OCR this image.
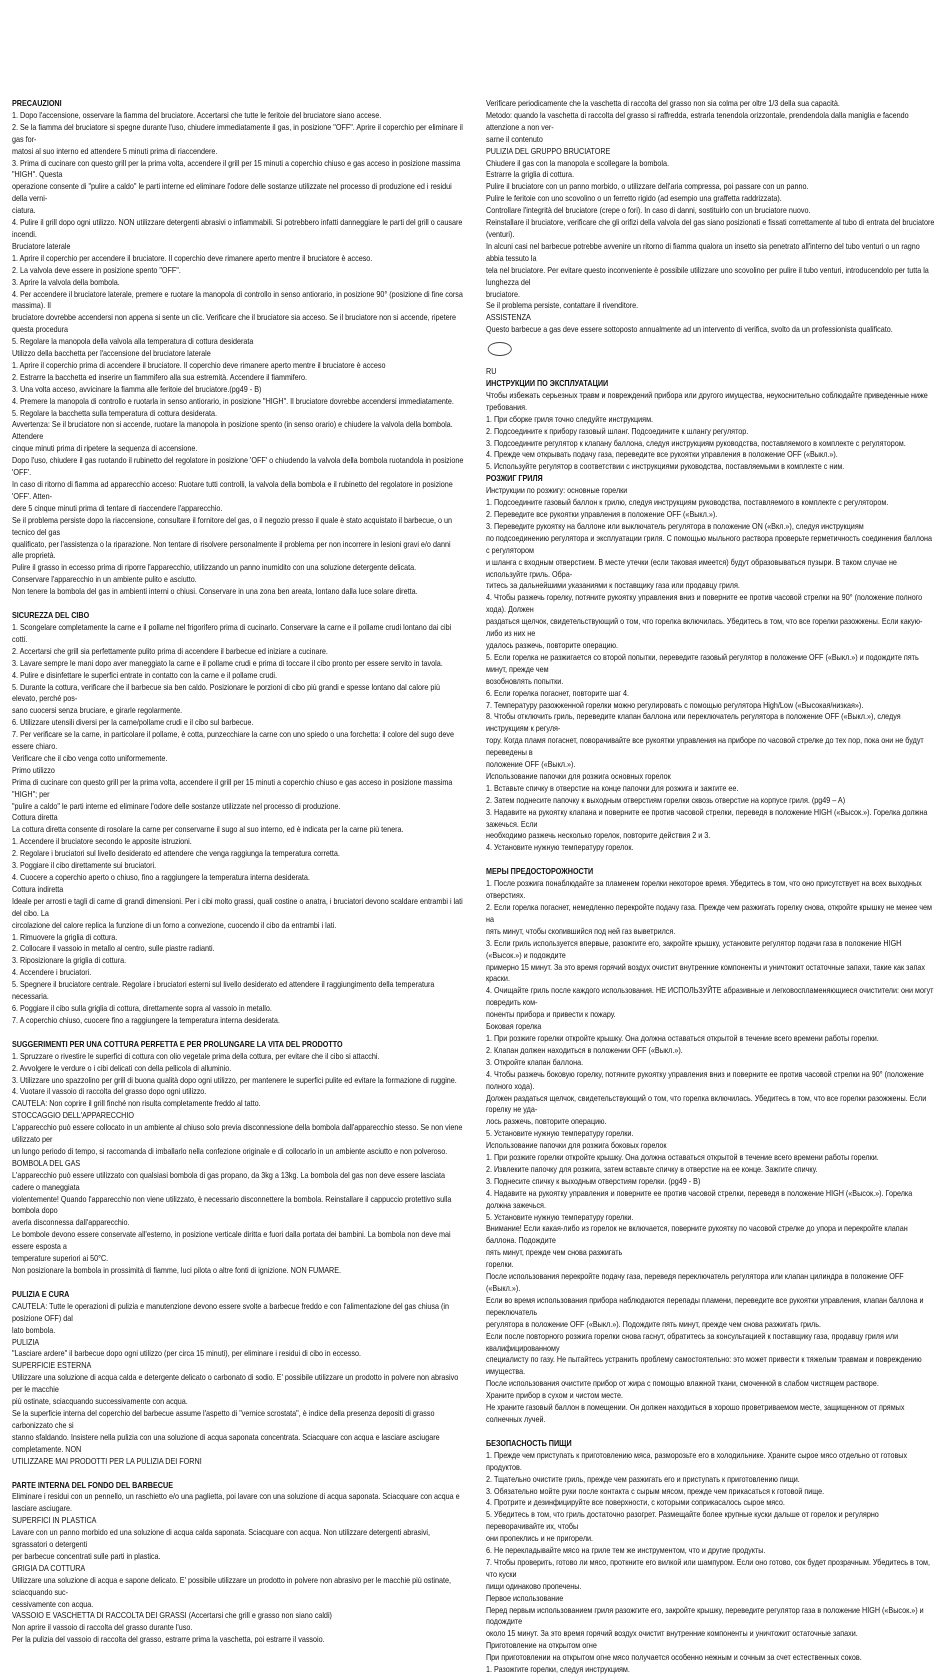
PRECAUZIONI

1. Dopo l'accensione, osservare la fiamma del bruciatore. Accertarsi che tutte le feritoie del bruciatore siano accese.

2. Se la fiamma del bruciatore si spegne durante l'uso, chiudere immediatamente il gas, in posizione "OFF". Aprire il coperchio per eliminare il gas for-

matosi al suo interno ed attendere 5 minuti prima di riaccendere.

3. Prima di cucinare con questo grill per la prima volta, accendere il grill per 15 minuti a coperchio chiuso e gas acceso in posizione massima "HIGH". Questa

operazione consente di "pulire a caldo" le parti interne ed eliminare l'odore delle sostanze utilizzate nel processo di produzione ed i residui della verni-

ciatura.

4. Pulire il grill dopo ogni utilizzo. NON utilizzare detergenti abrasivi o infiammabili. Si potrebbero infatti danneggiare le parti del grill o causare incendi.

Bruciatore laterale

1. Aprire il coperchio per accendere il bruciatore. Il coperchio deve rimanere aperto mentre il bruciatore è acceso.

2. La valvola deve essere in posizione spento "OFF".

3. Aprire la valvola della bombola.

4. Per accendere il bruciatore laterale, premere e ruotare la manopola di controllo in senso antiorario, in posizione 90° (posizione di fine corsa massima). Il

bruciatore dovrebbe accendersi non appena si sente un clic. Verificare che il bruciatore sia acceso. Se il bruciatore non si accende, ripetere questa procedura

5. Regolare la manopola della valvola alla temperatura di cottura desiderata

Utilizzo della bacchetta per l'accensione del bruciatore laterale

1. Aprire il coperchio prima di accendere il bruciatore. Il coperchio deve rimanere aperto mentre il bruciatore è acceso

2. Estrarre la bacchetta ed inserire un fiammifero alla sua estremità. Accendere il fiammifero.

3. Una volta acceso, avvicinare la fiamma alle feritoie del bruciatore.(pg49 - B)

4. Premere la manopola di controllo e ruotarla in senso antiorario, in posizione "HIGH". Il bruciatore dovrebbe accendersi immediatamente.

5. Regolare la bacchetta sulla temperatura di cottura desiderata.

Avvertenza: Se il bruciatore non si accende, ruotare la manopola in posizione spento (in senso orario) e chiudere la valvola della bombola. Attendere

cinque minuti prima di ripetere la sequenza di accensione.

Dopo l'uso, chiudere il gas ruotando il rubinetto del regolatore in posizione 'OFF' o chiudendo la valvola della bombola ruotandola in posizione 'OFF'.

In caso di ritorno di fiamma ad apparecchio acceso: Ruotare tutti controlli, la valvola della bombola e il rubinetto del regolatore in posizione 'OFF'. Atten-

dere 5 cinque minuti prima di tentare di riaccendere l'apparecchio.

Se il problema persiste dopo la riaccensione, consultare il fornitore del gas, o il negozio presso il quale è stato acquistato il barbecue, o un tecnico del gas

qualificato, per l'assistenza o la riparazione. Non tentare di risolvere personalmente il problema per non incorrere in lesioni gravi e/o danni alle proprietà.

Pulire il grasso in eccesso prima di riporre l'apparecchio, utilizzando un panno inumidito con una soluzione detergente delicata.

Conservare l'apparecchio in un ambiente pulito e asciutto.

Non tenere la bombola del gas in ambienti interni o chiusi. Conservare in una zona ben areata, lontano dalla luce solare diretta.

SICUREZZA DEL CIBO

1. Scongelare completamente la carne e il pollame nel frigorifero prima di cucinarlo. Conservare la carne e il pollame crudi lontano dai cibi cotti.

2. Accertarsi che grill sia perfettamente pulito prima di accendere il barbecue ed iniziare a cucinare.

3. Lavare sempre le mani dopo aver maneggiato la carne e il pollame crudi e prima di toccare il cibo pronto per essere servito in tavola.

4. Pulire e disinfettare le superfici entrate in contatto con la carne e il pollame crudi.

5. Durante la cottura, verificare che il barbecue sia ben caldo. Posizionare le porzioni di cibo più grandi e spesse lontano dal calore più elevato, perché pos-

sano cuocersi senza bruciare, e girarle regolarmente.

6. Utilizzare utensili diversi per la carne/pollame crudi e il cibo sul barbecue.

7. Per verificare se la carne, in particolare il pollame, è cotta, punzecchiare la carne con uno spiedo o una forchetta: il colore del sugo deve essere chiaro.

Verificare che il cibo venga cotto uniformemente.

Primo utilizzo

Prima di cucinare con questo grill per la prima volta, accendere il grill per 15 minuti a coperchio chiuso e gas acceso in posizione massima "HIGH"; per

"pulire a caldo" le parti interne ed eliminare l'odore delle sostanze utilizzate nel processo di produzione.

Cottura diretta

La cottura diretta consente di rosolare la carne per conservarne il sugo al suo interno, ed è indicata per la carne più tenera.

1. Accendere il bruciatore secondo le apposite istruzioni.

2. Regolare i bruciatori sul livello desiderato ed attendere che venga raggiunga la temperatura corretta.

3. Poggiare il cibo direttamente sui bruciatori.

4. Cuocere a coperchio aperto o chiuso, fino a raggiungere la temperatura interna desiderata.

Cottura indiretta

Ideale per arrosti e tagli di carne di grandi dimensioni. Per i cibi molto grassi, quali costine o anatra, i bruciatori devono scaldare entrambi i lati del cibo. La

circolazione del calore replica la funzione di un forno a convezione, cuocendo il cibo da entrambi i lati.

1. Rimuovere la griglia di cottura.

2. Collocare il vassoio in metallo al centro, sulle piastre radianti.

3. Riposizionare la griglia di cottura.

4. Accendere i bruciatori.

5. Spegnere il bruciatore centrale. Regolare i bruciatori esterni sul livello desiderato ed attendere il raggiungimento della temperatura necessaria.

6. Poggiare il cibo sulla griglia di cottura, direttamente sopra al vassoio in metallo.

7. A coperchio chiuso, cuocere fino a raggiungere la temperatura interna desiderata.

SUGGERIMENTI PER UNA COTTURA PERFETTA E PER PROLUNGARE LA VITA DEL PRODOTTO

1. Spruzzare o rivestire le superfici di cottura con olio vegetale prima della cottura, per evitare che il cibo si attacchi.

2. Avvolgere le verdure o i cibi delicati con della pellicola di alluminio.

3. Utilizzare uno spazzolino per grill di buona qualità dopo ogni utilizzo, per mantenere le superfici pulite ed evitare la formazione di ruggine.

4. Vuotare il vassoio di raccolta del grasso dopo ogni utilizzo.

CAUTELA: Non coprire il grill finché non risulta completamente freddo al tatto.

STOCCAGGIO DELL'APPARECCHIO

L'apparecchio può essere collocato in un ambiente al chiuso solo previa disconnessione della bombola dall'apparecchio stesso. Se non viene utilizzato per

un lungo periodo di tempo, si raccomanda di imballarlo nella confezione originale e di collocarlo in un ambiente asciutto e non polveroso.

BOMBOLA DEL GAS

L'apparecchio può essere utilizzato con qualsiasi bombola di gas propano, da 3kg a 13kg. La bombola del gas non deve essere lasciata cadere o maneggiata

violentemente! Quando l'apparecchio non viene utilizzato, è necessario disconnettere la bombola. Reinstallare il cappuccio protettivo sulla bombola dopo

averla disconnessa dall'apparecchio.

Le bombole devono essere conservate all'esterno, in posizione verticale diritta e fuori dalla portata dei bambini. La bombola non deve mai essere esposta a

temperature superiori ai 50°C.

Non posizionare la bombola in prossimità di fiamme, luci pilota o altre fonti di ignizione. NON FUMARE.

PULIZIA E CURA

CAUTELA: Tutte le operazioni di pulizia e manutenzione devono essere svolte a barbecue freddo e con l'alimentazione del gas chiusa (in posizione OFF) dal

lato bombola.

PULIZIA

"Lasciare ardere" il barbecue dopo ogni utilizzo (per circa 15 minuti), per eliminare i residui di cibo in eccesso.

SUPERFICIE ESTERNA

Utilizzare una soluzione di acqua calda e detergente delicato o carbonato di sodio. E' possibile utilizzare un prodotto in polvere non abrasivo per le macchie

più ostinate, sciacquando successivamente con acqua.

Se la superficie interna del coperchio del barbecue assume l'aspetto di "vernice scrostata", è indice della presenza depositi di grasso carbonizzato che si

stanno sfaldando. Insistere nella pulizia con una soluzione di acqua saponata concentrata. Sciacquare con acqua e lasciare asciugare completamente. NON

UTILIZZARE MAI PRODOTTI PER LA PULIZIA DEI FORNI

PARTE INTERNA DEL FONDO DEL BARBECUE

Eliminare i residui con un pennello, un raschietto e/o una paglietta, poi lavare con una soluzione di acqua saponata. Sciacquare con acqua e lasciare asciugare.

SUPERFICI IN PLASTICA

Lavare con un panno morbido ed una soluzione di acqua calda saponata. Sciacquare con acqua. Non utilizzare detergenti abrasivi, sgrassatori o detergenti

per barbecue concentrati sulle parti in plastica.

GRIGIA DA COTTURA

Utilizzare una soluzione di acqua e sapone delicato. E' possibile utilizzare un prodotto in polvere non abrasivo per le macchie più ostinate, sciacquando suc-

cessivamente con acqua.

VASSOIO E VASCHETTA DI RACCOLTA DEI GRASSI (Accertarsi che grill e grasso non siano caldi)

Non aprire il vassoio di raccolta del grasso durante l'uso.

Per la pulizia del vassoio di raccolta del grasso, estrarre prima la vaschetta, poi estrarre il vassoio.

Verificare periodicamente che la vaschetta di raccolta del grasso non sia colma per oltre 1/3 della sua capacità.

Metodo: quando la vaschetta di raccolta del grasso si raffredda, estrarla tenendola orizzontale, prendendola dalla maniglia e facendo attenzione a non ver-

sarne il contenuto

PULIZIA DEL GRUPPO BRUCIATORE

Chiudere il gas con la manopola e scollegare la bombola.

Estrarre la griglia di cottura.

Pulire il bruciatore con un panno morbido, o utilizzare dell'aria compressa, poi passare con un panno.

Pulire le feritoie con uno scovolino o un ferretto rigido (ad esempio una graffetta raddrizzata).

Controllare l'integrità del bruciatore (crepe o fori). In caso di danni, sostituirlo con un bruciatore nuovo.

Reinstallare il bruciatore, verificare che gli orifizi della valvola del gas siano posizionati e fissati correttamente al tubo di entrata del bruciatore (venturi).

In alcuni casi nel barbecue potrebbe avvenire un ritorno di fiamma qualora un insetto sia penetrato all'interno del tubo venturi o un ragno abbia tessuto la

tela nel bruciatore. Per evitare questo inconveniente è possibile utilizzare uno scovolino per pulire il tubo venturi, introducendolo per tutta la lunghezza del

bruciatore.

Se il problema persiste, contattare il rivenditore.

ASSISTENZA

Questo barbecue a gas deve essere sottoposto annualmente ad un intervento di verifica, svolto da un professionista qualificato.

RU

ИНСТРУКЦИИ ПО ЭКСПЛУАТАЦИИ

Чтобы избежать серьезных травм и повреждений прибора или другого имущества, неукоснительно соблюдайте приведенные ниже требования.

1. При сборке гриля точно следуйте инструкциям.

2. Подсоедините к прибору газовый шланг. Подсоедините к шлангу регулятор.

3. Подсоедините регулятор к клапану баллона, следуя инструкциям руководства, поставляемого в комплекте с регулятором.

4. Прежде чем открывать подачу газа, переведите все рукоятки управления в положение OFF («Выкл.»).

5. Используйте регулятор в соответствии с инструкциями руководства, поставляемыми в комплекте с ним.

РОЗЖИГ ГРИЛЯ

Инструкции по розжигу: основные горелки

1. Подсоедините газовый баллон к грилю, следуя инструкциям руководства, поставляемого в комплекте с регулятором.

2. Переведите все рукоятки управления в положение OFF («Выкл.»).

3. Переведите рукоятку на баллоне или выключатель регулятора в положение ON («Вкл.»), следуя инструкциям

по подсоединению регулятора и эксплуатации гриля. С помощью мыльного раствора проверьте герметичность соединения баллона с регулятором

и шланга с входным отверстием. В месте утечки (если таковая имеется) будут образовываться пузыри. В таком случае не используйте гриль. Обра-

титесь за дальнейшими указаниями к поставщику газа или продавцу гриля.

4. Чтобы разжечь горелку, потяните рукоятку управления вниз и поверните ее против часовой стрелки на 90° (положение полного хода). Должен

раздаться щелчок, свидетельствующий о том, что горелка включилась. Убедитесь в том, что все горелки разожжены. Если какую-либо из них не

удалось разжечь, повторите операцию.

5. Если горелка не разжигается со второй попытки, переведите газовый регулятор в положение OFF («Выкл.») и подождите пять минут, прежде чем

возобновлять попытки.

6. Если горелка погаснет, повторите шаг 4.

7. Температуру разожженной горелки можно регулировать с помощью регулятора High/Low («Высокая/низкая»).

8. Чтобы отключить гриль, переведите клапан баллона или переключатель регулятора в положение OFF («Выкл.»), следуя инструкциям к регуля-

тору. Когда пламя погаснет, поворачивайте все рукоятки управления на приборе по часовой стрелке до тех пор, пока они не будут переведены в

положение OFF («Выкл.»).

Использование папочки для розжига основных горелок

1. Вставьте спичку в отверстие на конце папочки для розжига и зажгите ее.

2. Затем поднесите папочку к выходным отверстиям горелки сквозь отверстие на корпусе гриля. (pg49 – A)

3. Надавите на рукоятку клапана и поверните ее против часовой стрелки, переведя в положение HIGH («Высок.»). Горелка должна зажечься. Если

необходимо разжечь несколько горелок, повторите действия 2 и 3.

4. Установите нужную температуру горелок.

МЕРЫ ПРЕДОСТОРОЖНОСТИ

1. После розжига понаблюдайте за пламенем горелки некоторое время. Убедитесь в том, что оно присутствует на всех выходных отверстиях.

2. Если горелка погаснет, немедленно перекройте подачу газа. Прежде чем разжигать горелку снова, откройте крышку не менее чем на

пять минут, чтобы скопившийся под ней газ выветрился.

3. Если гриль используется впервые, разожгите его, закройте крышку, установите регулятор подачи газа в положение HIGH («Высок.») и подождите

примерно 15 минут. За это время горячий воздух очистит внутренние компоненты и уничтожит остаточные запахи, такие как запах краски.

4. Очищайте гриль после каждого использования. НЕ ИСПОЛЬЗУЙТЕ абразивные и легковоспламеняющиеся очистители: они могут повредить ком-

поненты прибора и привести к пожару.

Боковая горелка

1. При розжиге горелки откройте крышку. Она должна оставаться открытой в течение всего времени работы горелки.

2. Клапан должен находиться в положении OFF («Выкл.»).

3. Откройте клапан баллона.

4. Чтобы разжечь боковую горелку, потяните рукоятку управления вниз и поверните ее против часовой стрелки на 90° (положение полного хода).

Должен раздаться щелчок, свидетельствующий о том, что горелка включилась. Убедитесь в том, что все горелки разожжены. Если горелку не уда-

лось разжечь, повторите операцию.

5. Установите нужную температуру горелки.

Использование папочки для розжига боковых горелок

1. При розжиге горелки откройте крышку. Она должна оставаться открытой в течение всего времени работы горелки.

2. Извлеките папочку для розжига, затем вставьте спичку в отверстие на ее конце. Зажгите спичку.

3. Поднесите спичку к выходным отверстиям горелки. (pg49 - B)

4. Надавите на рукоятку управления и поверните ее против часовой стрелки, переведя в положение HIGH («Высок.»). Горелка должна зажечься.

5. Установите нужную температуру горелки.

Внимание! Если какая-либо из горелок не включается, поверните рукоятку по часовой стрелке до упора и перекройте клапан баллона. Подождите

пять минут, прежде чем снова разжигать

горелки.

После использования перекройте подачу газа, переведя переключатель регулятора или клапан цилиндра в положение OFF («Выкл.»).

Если во время использования прибора наблюдаются перепады пламени, переведите все рукоятки управления, клапан баллона и переключатель

регулятора в положение OFF («Выкл.»). Подождите пять минут, прежде чем снова разжигать гриль.

Если после повторного розжига горелки снова гаснут, обратитесь за консультацией к поставщику газа, продавцу гриля или квалифицированному

специалисту по газу. Не пытайтесь устранить проблему самостоятельно: это может привести к тяжелым травмам и повреждению имущества.

После использования очистите прибор от жира с помощью влажной ткани, смоченной в слабом чистящем растворе.

Храните прибор в сухом и чистом месте.

Не храните газовый баллон в помещении. Он должен находиться в хорошо проветриваемом месте, защищенном от прямых солнечных лучей.

БЕЗОПАСНОСТЬ ПИЩИ

1. Прежде чем приступать к приготовлению мяса, разморозьте его в холодильнике. Храните сырое мясо отдельно от готовых продуктов.

2. Тщательно очистите гриль, прежде чем разжигать его и приступать к приготовлению пищи.

3. Обязательно мойте руки после контакта с сырым мясом, прежде чем прикасаться к готовой пище.

4. Протрите и дезинфицируйте все поверхности, с которыми соприкасалось сырое мясо.

5. Убедитесь в том, что гриль достаточно разогрет. Размещайте более крупные куски дальше от горелок и регулярно переворачивайте их, чтобы

они пропеклись и не пригорели.

6. Не перекладывайте мясо на гриле тем же инструментом, что и другие продукты.

7. Чтобы проверить, готово ли мясо, проткните его вилкой или шампуром. Если оно готово, сок будет прозрачным. Убедитесь в том, что куски

пищи одинаково пропечены.

Первое использование

Перед первым использованием гриля разожгите его, закройте крышку, переведите регулятор газа в положение HIGH («Высок.») и подождите

около 15 минут. За это время горячий воздух очистит внутренние компоненты и уничтожит остаточные запахи.

Приготовление на открытом огне

При приготовлении на открытом огне мясо получается особенно нежным и сочным за счет естественных соков.

1. Разожгите горелки, следуя инструкциям.
